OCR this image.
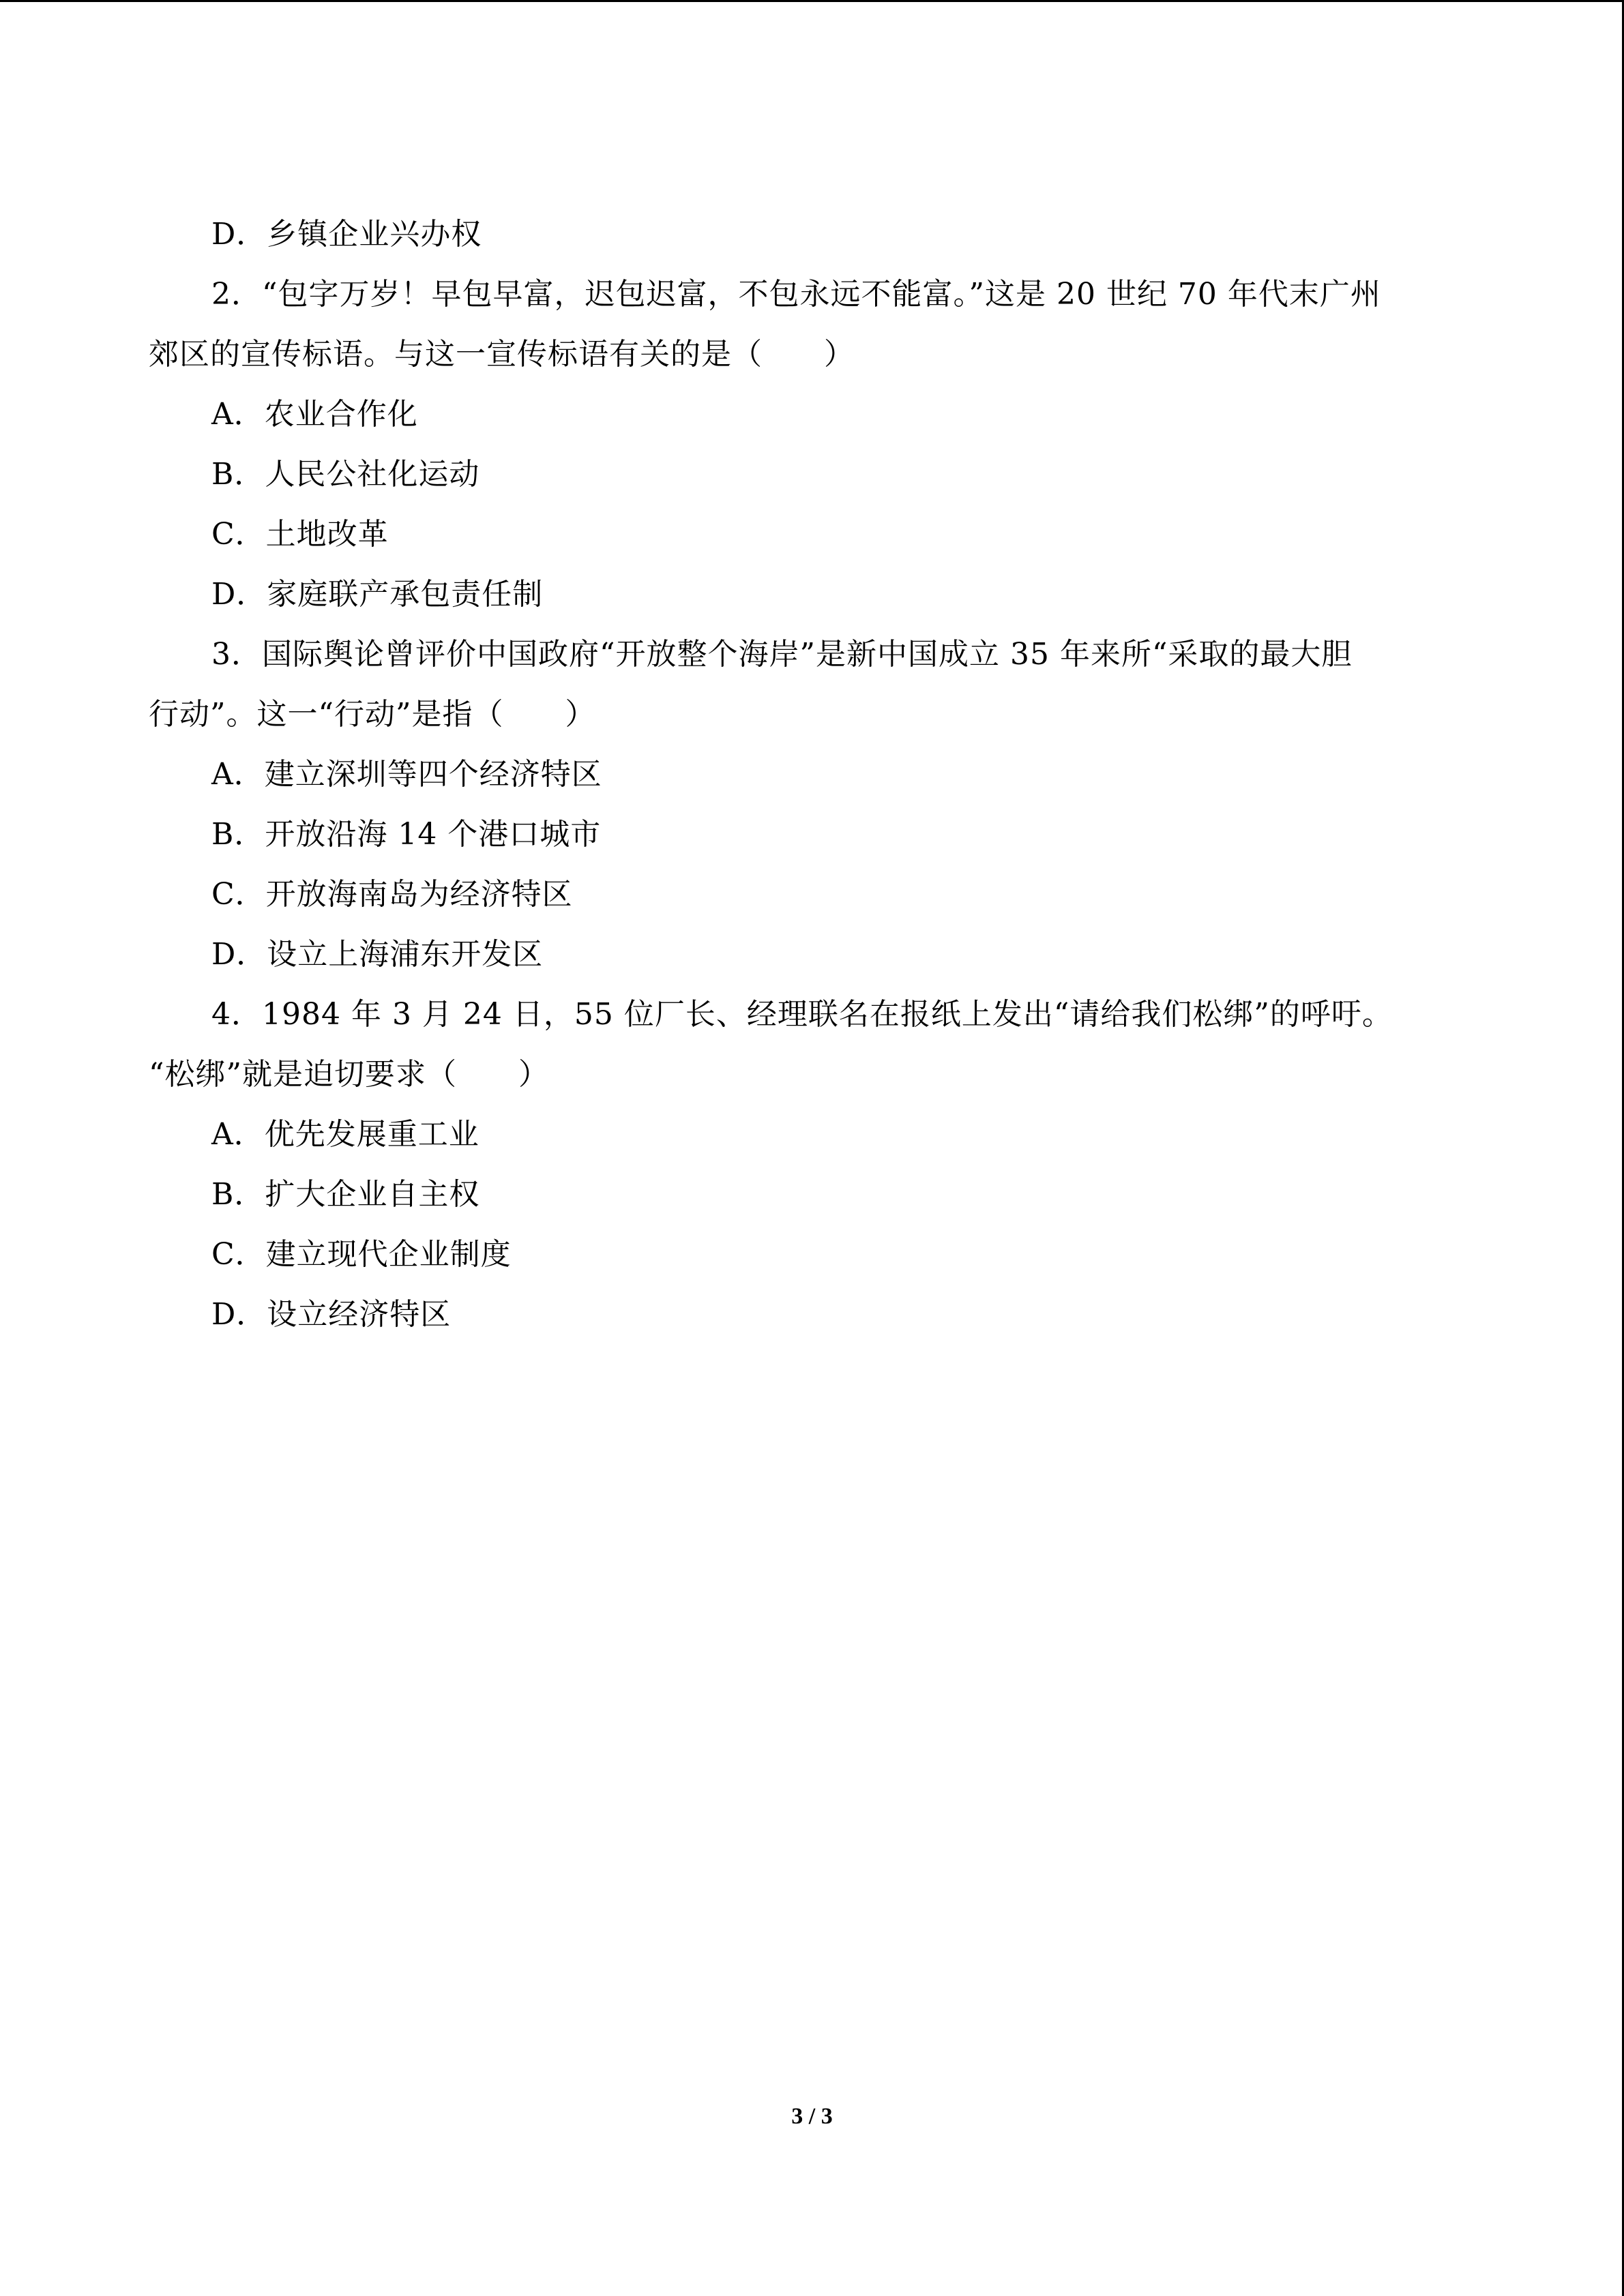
D．乡镇企业兴办权
2．“包字万岁！早包早富，迟包迟富，不包永远不能富。”这是 20 世纪 70 年代末广州
郊区的宣传标语。与这一宣传标语有关的是（　　）
A．农业合作化
B．人民公社化运动
C．土地改革
D．家庭联产承包责任制
3．国际舆论曾评价中国政府“开放整个海岸”是新中国成立 35 年来所“采取的最大胆
行动”。这一“行动”是指（　　）
A．建立深圳等四个经济特区
B．开放沿海 14 个港口城市
C．开放海南岛为经济特区
D．设立上海浦东开发区
4．1984 年 3 月 24 日，55 位厂长、经理联名在报纸上发出“请给我们松绑”的呼吁。
“松绑”就是迫切要求（　　）
A．优先发展重工业
B．扩大企业自主权
C．建立现代企业制度
D．设立经济特区
3 / 3
